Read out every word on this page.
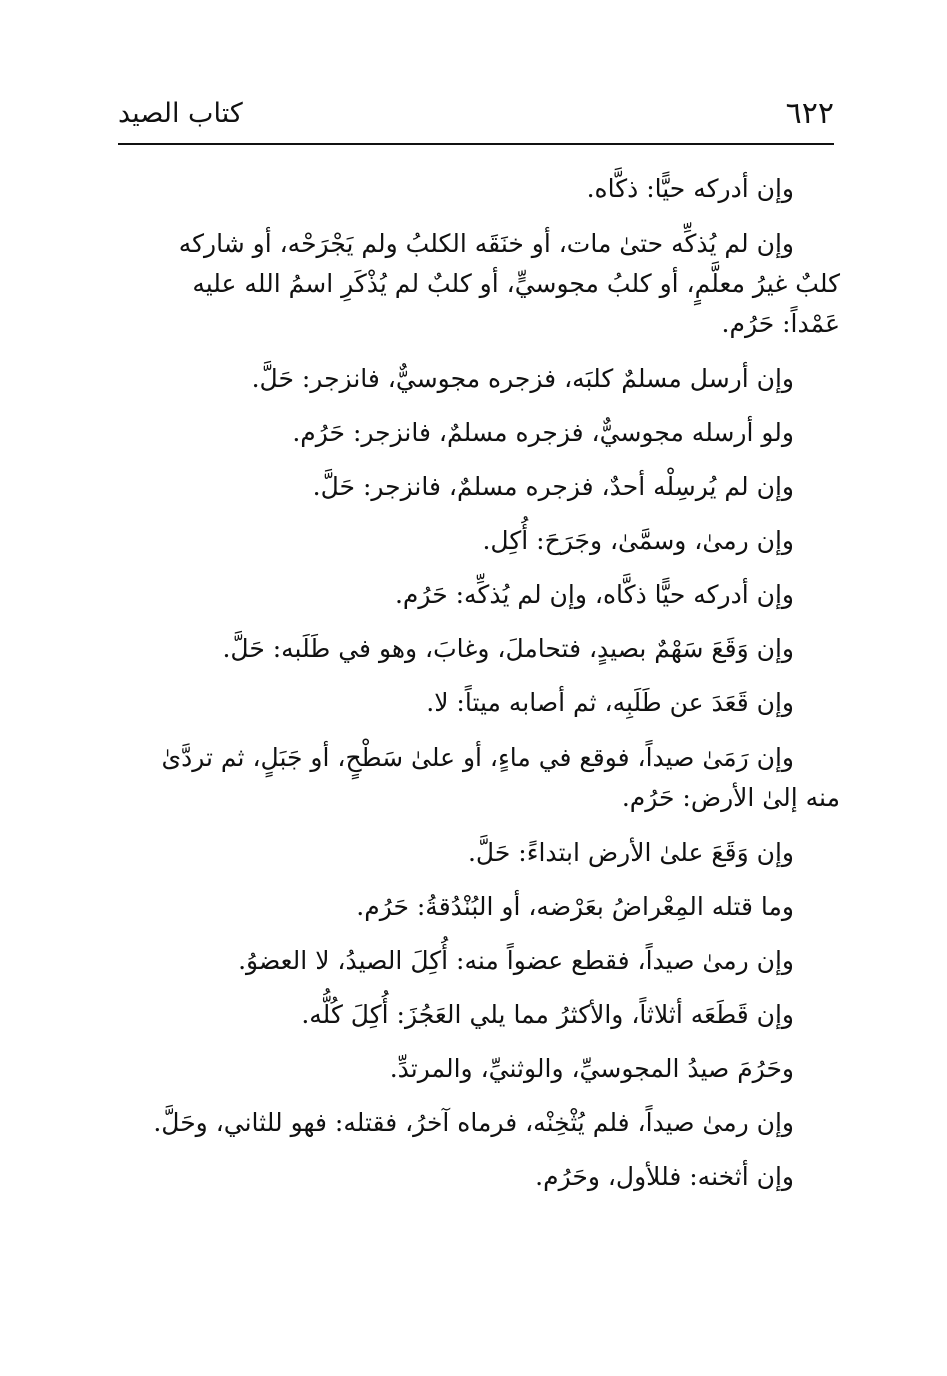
٦٢٢
كتاب الصيد

وإن أدركه حيًّا: ذكَّاه.

وإن لم يُذكِّه حتىٰ مات، أو خنَقَه الكلبُ ولم يَجْرَحْه، أو شاركه كلبٌ غيرُ معلَّمٍ، أو كلبُ مجوسيٍّ، أو كلبٌ لم يُذْكَرِ اسمُ الله عليه عَمْداً: حَرُم.

وإن أرسل مسلمٌ كلبَه، فزجره مجوسيٌّ، فانزجر: حَلَّ.

ولو أرسله مجوسيٌّ، فزجره مسلمٌ، فانزجر: حَرُم.

وإن لم يُرسِلْه أحدٌ، فزجره مسلمٌ، فانزجر: حَلَّ.

وإن رمىٰ، وسمَّىٰ، وجَرَحَ: أُكِل.

وإن أدركه حيًّا ذكَّاه، وإن لم يُذكِّه: حَرُم.

وإن وَقَعَ سَهْمٌ بصيدٍ، فتحاملَ، وغابَ، وهو في طَلَبه: حَلَّ.

وإن قَعَدَ عن طَلَبِه، ثم أصابه ميتاً: لا.

وإن رَمَىٰ صيداً، فوقع في ماءٍ، أو علىٰ سَطْحٍ، أو جَبَلٍ، ثم تردَّىٰ منه إلىٰ الأرض: حَرُم.

وإن وَقَعَ علىٰ الأرض ابتداءً: حَلَّ.

وما قتله المِعْراضُ بعَرْضه، أو البُنْدُقةُ: حَرُم.

وإن رمىٰ صيداً، فقطع عضواً منه: أُكِلَ الصيدُ، لا العضوُ.

وإن قَطَعَه أثلاثاً، والأكثرُ مما يلي العَجُزَ: أُكِلَ كُلُّه.

وحَرُمَ صيدُ المجوسيِّ، والوثنيِّ، والمرتدِّ.

وإن رمىٰ صيداً، فلم يُثْخِنْه، فرماه آخرُ، فقتله: فهو للثاني، وحَلَّ.

وإن أثخنه: فللأول، وحَرُم.
